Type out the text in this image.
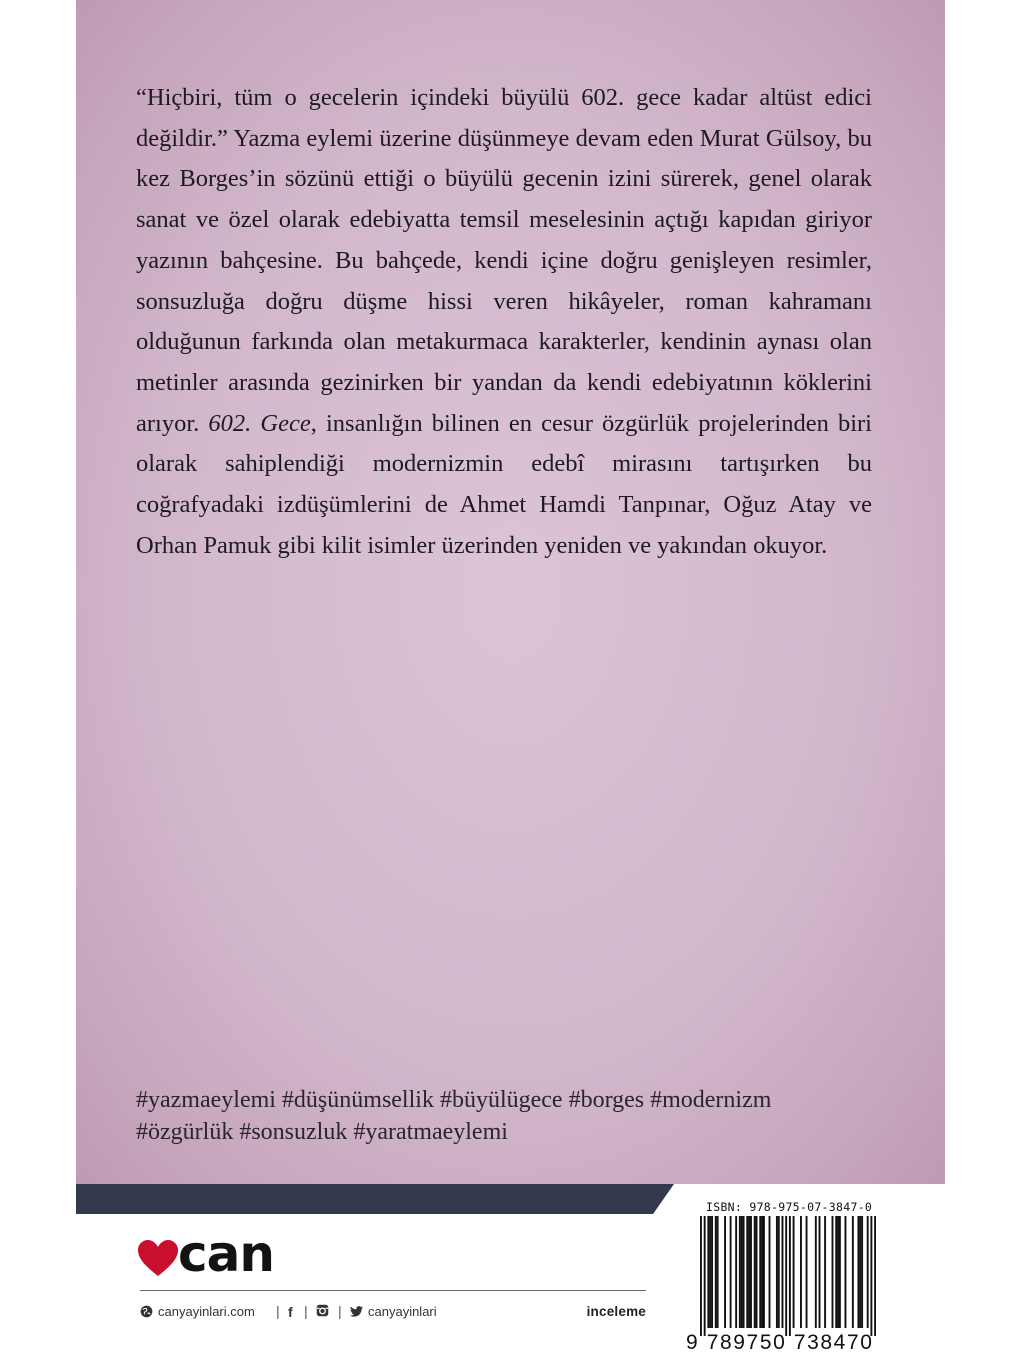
“Hiçbiri, tüm o gecelerin içindeki büyülü 602. gece kadar altüst edici değildir.” Yazma eylemi üzerine düşünmeye devam eden Murat Gülsoy, bu kez Borges’in sözünü ettiği o büyülü gecenin izini sürerek, genel olarak sanat ve özel olarak edebiyatta temsil meselesinin açtığı kapıdan giriyor yazının bahçesine. Bu bahçede, kendi içine doğru genişleyen resimler, sonsuzluğa doğru düşme hissi veren hikâyeler, roman kahramanı olduğunun farkında olan metakurmaca karakterler, kendinin aynası olan metinler arasında gezinirken bir yandan da kendi edebiyatının köklerini arıyor. 602. Gece, insanlığın bilinen en cesur özgürlük projelerinden biri olarak sahiplendiği modernizmin edebî mirasını tartışırken bu coğrafyadaki izdüşümlerini de Ahmet Hamdi Tanpınar, Oğuz Atay ve Orhan Pamuk gibi kilit isimler üzerinden yeniden ve yakından okuyor.

#yazmaeylemi #düşünümsellik #büyülügece #borges #modernizm
#özgürlük #sonsuzluk #yaratmaeylemi
can
canyayinlari.com | f | | canyayinlari	inceleme
ISBN: 978-975-07-3847-0
9 789750 738470
